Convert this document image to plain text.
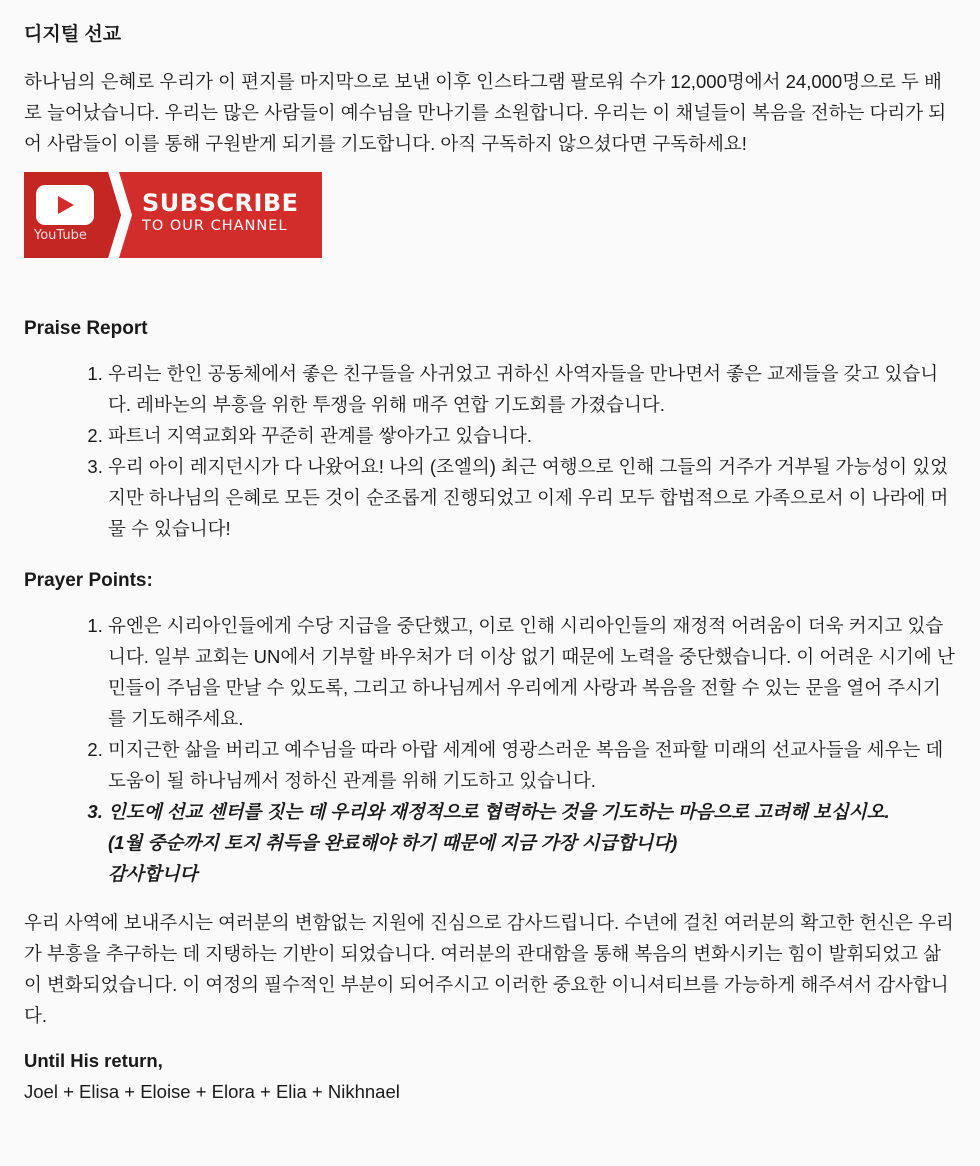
디지털 선교

하나님의 은혜로 우리가 이 편지를 마지막으로 보낸 이후 인스타그램 팔로워 수가 12,000명에서 24,000명으로 두 배로 늘어났습니다. 우리는 많은 사람들이 예수님을 만나기를 소원합니다. 우리는 이 채널들이 복음을 전하는 다리가 되어 사람들이 이를 통해 구원받게 되기를 기도합니다. 아직 구독하지 않으셨다면 구독하세요!

YouTube
SUBSCRIBE
TO OUR CHANNEL
Praise Report
1. 우리는 한인 공동체에서 좋은 친구들을 사귀었고 귀하신 사역자들을 만나면서 좋은 교제들을 갖고 있습니다. 레바논의 부흥을 위한 투쟁을 위해 매주 연합 기도회를 가졌습니다.
2. 파트너 지역교회와 꾸준히 관계를 쌓아가고 있습니다.
3. 우리 아이 레지던시가 다 나왔어요! 나의 (조엘의) 최근 여행으로 인해 그들의 거주가 거부될 가능성이 있었지만 하나님의 은혜로 모든 것이 순조롭게 진행되었고 이제 우리 모두 합법적으로 가족으로서 이 나라에 머물 수 있습니다!
Prayer Points:
1. 유엔은 시리아인들에게 수당 지급을 중단했고, 이로 인해 시리아인들의 재정적 어려움이 더욱 커지고 있습니다. 일부 교회는 UN에서 기부할 바우처가 더 이상 없기 때문에 노력을 중단했습니다. 이 어려운 시기에 난민들이 주님을 만날 수 있도록, 그리고 하나님께서 우리에게 사랑과 복음을 전할 수 있는 문을 열어 주시기를 기도해주세요.
2. 미지근한 삶을 버리고 예수님을 따라 아랍 세계에 영광스러운 복음을 전파할 미래의 선교사들을 세우는 데 도움이 될 하나님께서 정하신 관계를 위해 기도하고 있습니다.
3. 인도에 선교 센터를 짓는 데 우리와 재정적으로 협력하는 것을 기도하는 마음으로 고려해 보십시오.
(1월 중순까지 토지 취득을 완료해야 하기 때문에 지금 가장 시급합니다)
감사합니다

우리 사역에 보내주시는 여러분의 변함없는 지원에 진심으로 감사드립니다. 수년에 걸친 여러분의 확고한 헌신은 우리가 부흥을 추구하는 데 지탱하는 기반이 되었습니다. 여러분의 관대함을 통해 복음의 변화시키는 힘이 발휘되었고 삶이 변화되었습니다. 이 여정의 필수적인 부분이 되어주시고 이러한 중요한 이니셔티브를 가능하게 해주셔서 감사합니다.

Until His return,

Joel + Elisa + Eloise + Elora + Elia + Nikhnael
